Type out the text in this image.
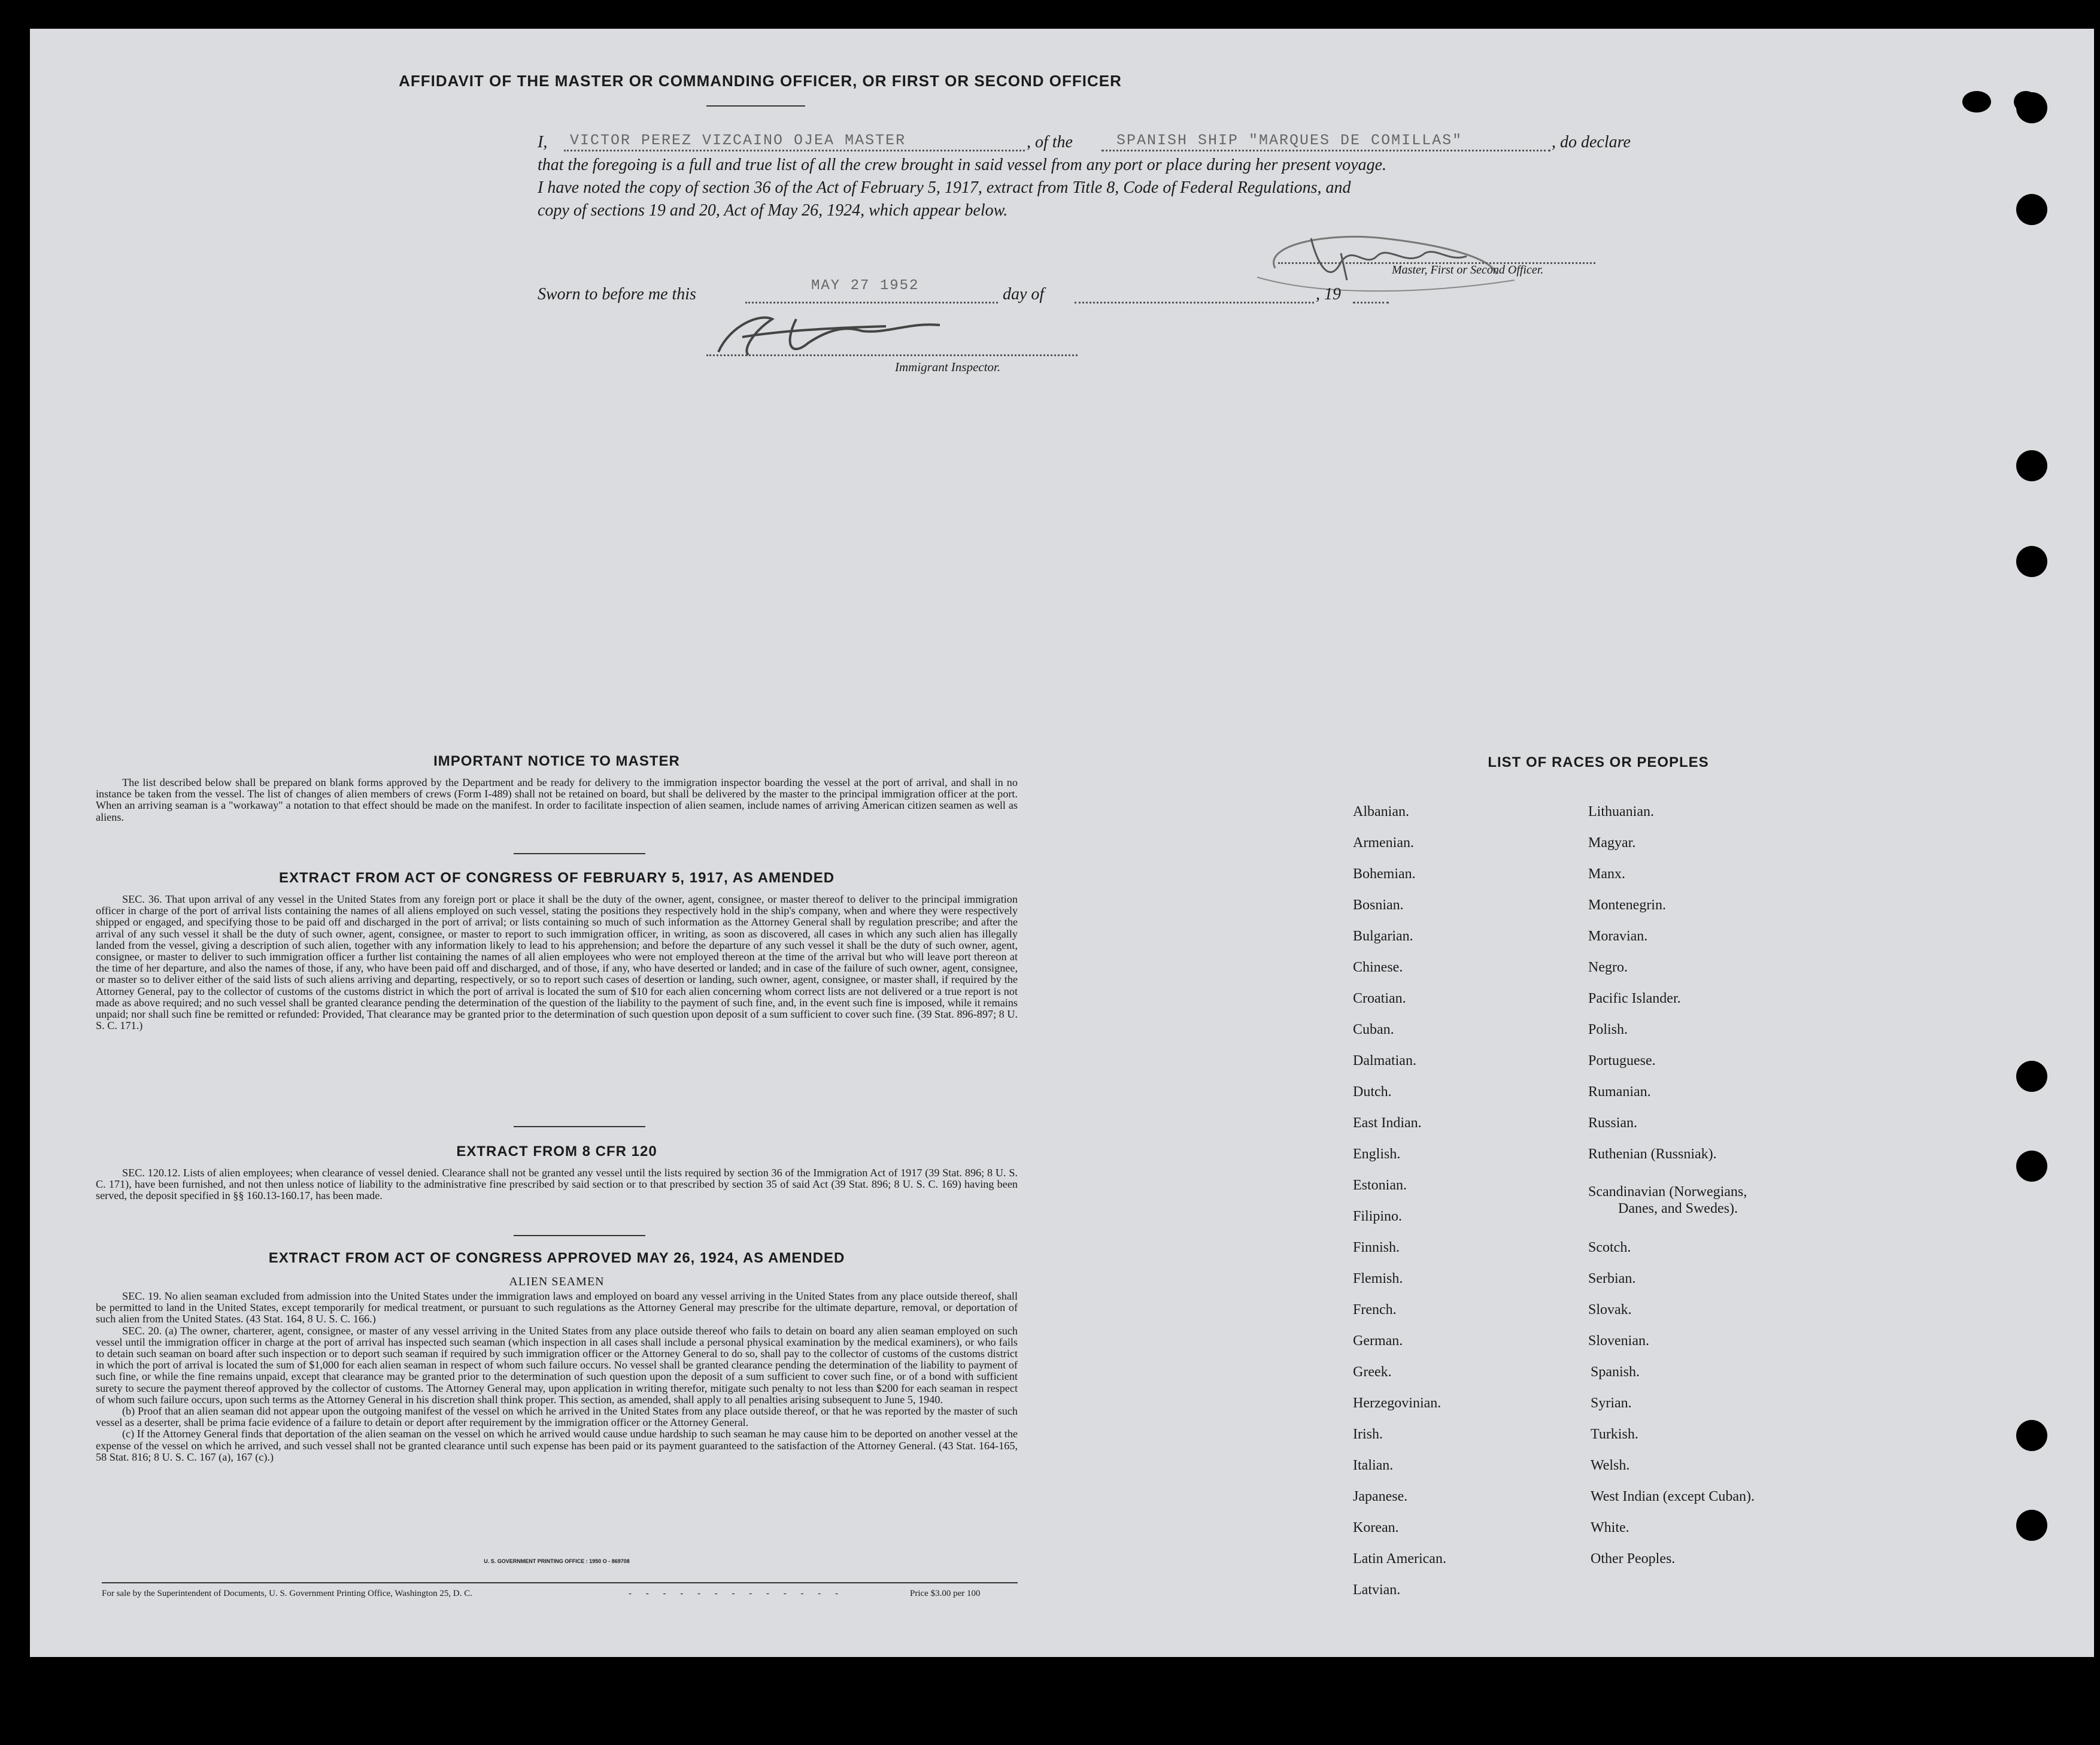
AFFIDAVIT OF THE MASTER OR COMMANDING OFFICER, OR FIRST OR SECOND OFFICER
I, VICTOR PEREZ VIZCAINO OJEA MASTER	, of the	SPANISH SHIP "MARQUES DE COMILLAS"	, do declare
that the foregoing is a full and true list of all the crew brought in said vessel from any port or place during her present voyage.
I have noted the copy of section 36 of the Act of February 5, 1917, extract from Title 8, Code of Federal Regulations, and
copy of sections 19 and 20, Act of May 26, 1924, which appear below.
Master, First or Second Officer.
Sworn to before me this	MAY 27 1952	day of	, 19
Immigrant Inspector.
IMPORTANT NOTICE TO MASTER

The list described below shall be prepared on blank forms approved by the Department and be ready for delivery to the immigration inspector boarding the vessel at the port of arrival, and shall in no instance be taken from the vessel. The list of changes of alien members of crews (Form I-489) shall not be retained on board, but shall be delivered by the master to the principal immigration officer at the port. When an arriving seaman is a "workaway" a notation to that effect should be made on the manifest. In order to facilitate inspection of alien seamen, include names of arriving American citizen seamen as well as aliens.

EXTRACT FROM ACT OF CONGRESS OF FEBRUARY 5, 1917, AS AMENDED

SEC. 36. That upon arrival of any vessel in the United States from any foreign port or place it shall be the duty of the owner, agent, consignee, or master thereof to deliver to the principal immigration officer in charge of the port of arrival lists containing the names of all aliens employed on such vessel, stating the positions they respectively hold in the ship's company, when and where they were respectively shipped or engaged, and specifying those to be paid off and discharged in the port of arrival; or lists containing so much of such information as the Attorney General shall by regulation prescribe; and after the arrival of any such vessel it shall be the duty of such owner, agent, consignee, or master to report to such immigration officer, in writing, as soon as discovered, all cases in which any such alien has illegally landed from the vessel, giving a description of such alien, together with any information likely to lead to his apprehension; and before the departure of any such vessel it shall be the duty of such owner, agent, consignee, or master to deliver to such immigration officer a further list containing the names of all alien employees who were not employed thereon at the time of the arrival but who will leave port thereon at the time of her departure, and also the names of those, if any, who have been paid off and discharged, and of those, if any, who have deserted or landed; and in case of the failure of such owner, agent, consignee, or master so to deliver either of the said lists of such aliens arriving and departing, respectively, or so to report such cases of desertion or landing, such owner, agent, consignee, or master shall, if required by the Attorney General, pay to the collector of customs of the customs district in which the port of arrival is located the sum of $10 for each alien concerning whom correct lists are not delivered or a true report is not made as above required; and no such vessel shall be granted clearance pending the determination of the question of the liability to the payment of such fine, and, in the event such fine is imposed, while it remains unpaid; nor shall such fine be remitted or refunded: Provided, That clearance may be granted prior to the determination of such question upon deposit of a sum sufficient to cover such fine. (39 Stat. 896-897; 8 U. S. C. 171.)

EXTRACT FROM 8 CFR 120

SEC. 120.12. Lists of alien employees; when clearance of vessel denied. Clearance shall not be granted any vessel until the lists required by section 36 of the Immigration Act of 1917 (39 Stat. 896; 8 U. S. C. 171), have been furnished, and not then unless notice of liability to the administrative fine prescribed by said section or to that prescribed by section 35 of said Act (39 Stat. 896; 8 U. S. C. 169) having been served, the deposit specified in §§ 160.13-160.17, has been made.

EXTRACT FROM ACT OF CONGRESS APPROVED MAY 26, 1924, AS AMENDED
ALIEN SEAMEN

SEC. 19. No alien seaman excluded from admission into the United States under the immigration laws and employed on board any vessel arriving in the United States from any place outside thereof, shall be permitted to land in the United States, except temporarily for medical treatment, or pursuant to such regulations as the Attorney General may prescribe for the ultimate departure, removal, or deportation of such alien from the United States. (43 Stat. 164, 8 U. S. C. 166.)

SEC. 20. (a) The owner, charterer, agent, consignee, or master of any vessel arriving in the United States from any place outside thereof who fails to detain on board any alien seaman employed on such vessel until the immigration officer in charge at the port of arrival has inspected such seaman (which inspection in all cases shall include a personal physical examination by the medical examiners), or who fails to detain such seaman on board after such inspection or to deport such seaman if required by such immigration officer or the Attorney General to do so, shall pay to the collector of customs of the customs district in which the port of arrival is located the sum of $1,000 for each alien seaman in respect of whom such failure occurs. No vessel shall be granted clearance pending the determination of the liability to payment of such fine, or while the fine remains unpaid, except that clearance may be granted prior to the determination of such question upon the deposit of a sum sufficient to cover such fine, or of a bond with sufficient surety to secure the payment thereof approved by the collector of customs. The Attorney General may, upon application in writing therefor, mitigate such penalty to not less than $200 for each seaman in respect of whom such failure occurs, upon such terms as the Attorney General in his discretion shall think proper. This section, as amended, shall apply to all penalties arising subsequent to June 5, 1940.

(b) Proof that an alien seaman did not appear upon the outgoing manifest of the vessel on which he arrived in the United States from any place outside thereof, or that he was reported by the master of such vessel as a deserter, shall be prima facie evidence of a failure to detain or deport after requirement by the immigration officer or the Attorney General.

(c) If the Attorney General finds that deportation of the alien seaman on the vessel on which he arrived would cause undue hardship to such seaman he may cause him to be deported on another vessel at the expense of the vessel on which he arrived, and such vessel shall not be granted clearance until such expense has been paid or its payment guaranteed to the satisfaction of the Attorney General. (43 Stat. 164-165, 58 Stat. 816; 8 U. S. C. 167 (a), 167 (c).)

U. S. GOVERNMENT PRINTING OFFICE : 1950 O - 869708
For sale by the Superintendent of Documents, U. S. Government Printing Office, Washington 25, D. C.	- - - - - - - - - - - - -	Price $3.00 per 100
LIST OF RACES OR PEOPLES
Albanian.
Armenian.
Bohemian.
Bosnian.
Bulgarian.
Chinese.
Croatian.
Cuban.
Dalmatian.
Dutch.
East Indian.
English.
Estonian.
Filipino.
Finnish.
Flemish.
French.
German.
Greek.
Herzegovinian.
Irish.
Italian.
Japanese.
Korean.
Latin American.
Latvian.
Lithuanian.
Magyar.
Manx.
Montenegrin.
Moravian.
Negro.
Pacific Islander.
Polish.
Portuguese.
Rumanian.
Russian.
Ruthenian (Russniak).
Scandinavian (Norwegians,
Danes, and Swedes).
Scotch.
Serbian.
Slovak.
Slovenian.
Spanish.
Syrian.
Turkish.
Welsh.
West Indian (except Cuban).
White.
Other Peoples.
